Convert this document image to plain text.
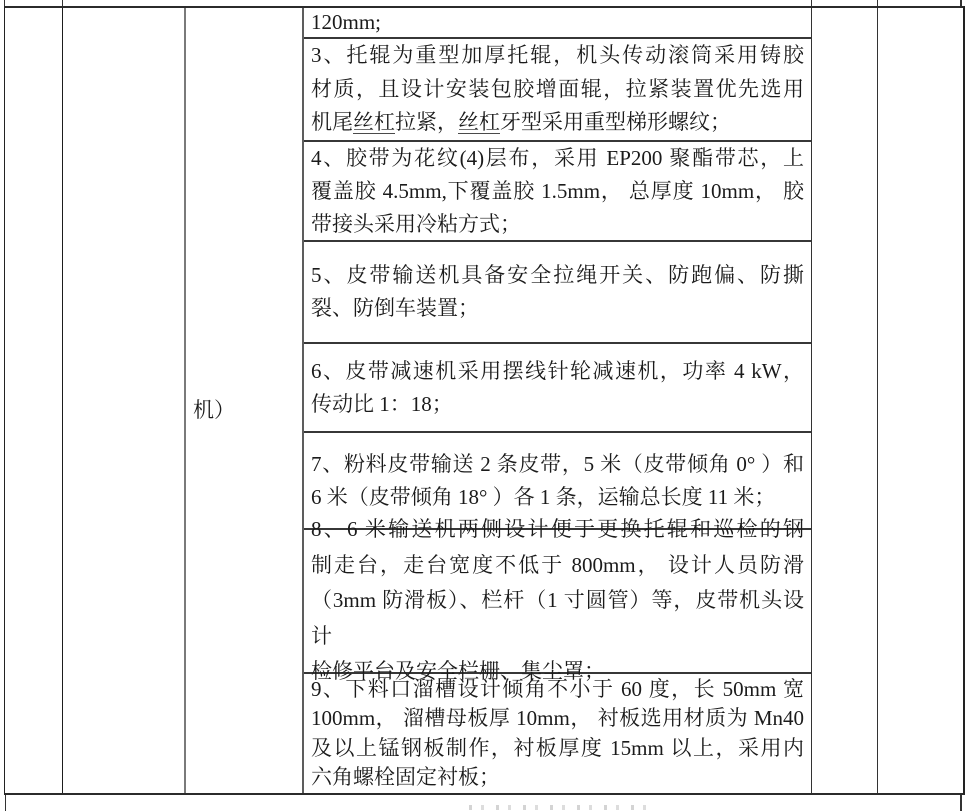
机）
120mm;
3、托辊为重型加厚托辊，机头传动滚筒采用铸胶
材质，且设计安装包胶增面辊，拉紧装置优先选用
机尾丝杠拉紧，丝杠牙型采用重型梯形螺纹；
4、胶带为花纹(4)层布，采用 EP200 聚酯带芯，上
覆盖胶 4.5mm,下覆盖胶 1.5mm， 总厚度 10mm， 胶
带接头采用冷粘方式；
5、皮带输送机具备安全拉绳开关、防跑偏、防撕
裂、防倒车装置；
6、皮带减速机采用摆线针轮减速机，功率 4 kW，
传动比 1：18；
7、粉料皮带输送 2 条皮带，5 米（皮带倾角 0° ）和
6 米（皮带倾角 18° ）各 1 条，运输总长度 11 米；
8、6 米输送机两侧设计便于更换托辊和巡检的钢
制走台，走台宽度不低于 800mm， 设计人员防滑
（3mm 防滑板）、栏杆（1 寸圆管）等，皮带机头设计
检修平台及安全栏栅、集尘罩；
9、下料口溜槽设计倾角不小于 60 度，长 50mm 宽
100mm， 溜槽母板厚 10mm， 衬板选用材质为 Mn40
及以上锰钢板制作，衬板厚度 15mm 以上，采用内
六角螺栓固定衬板；
